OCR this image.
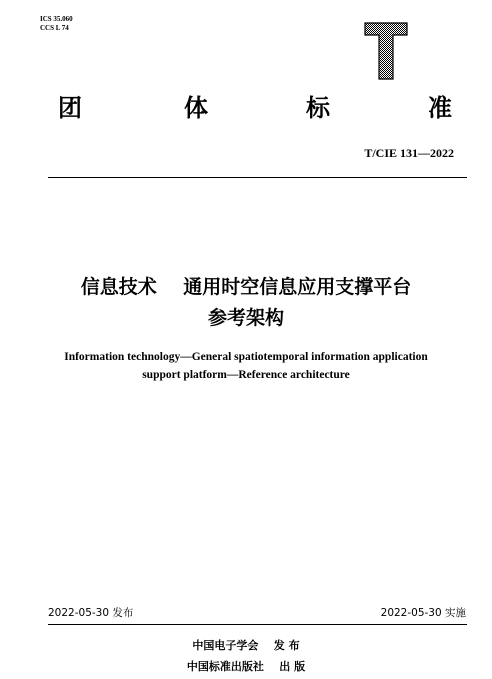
ICS 35.060
CCS L 74
团	体	标	准
T/CIE 131—2022
信息技术    通用时空信息应用支撑平台
参考架构
Information technology—General spatiotemporal information application
support platform—Reference architecture
2022-05-30 发布	2022-05-30 实施
中国电子学会    发 布
中国标准出版社    出 版
